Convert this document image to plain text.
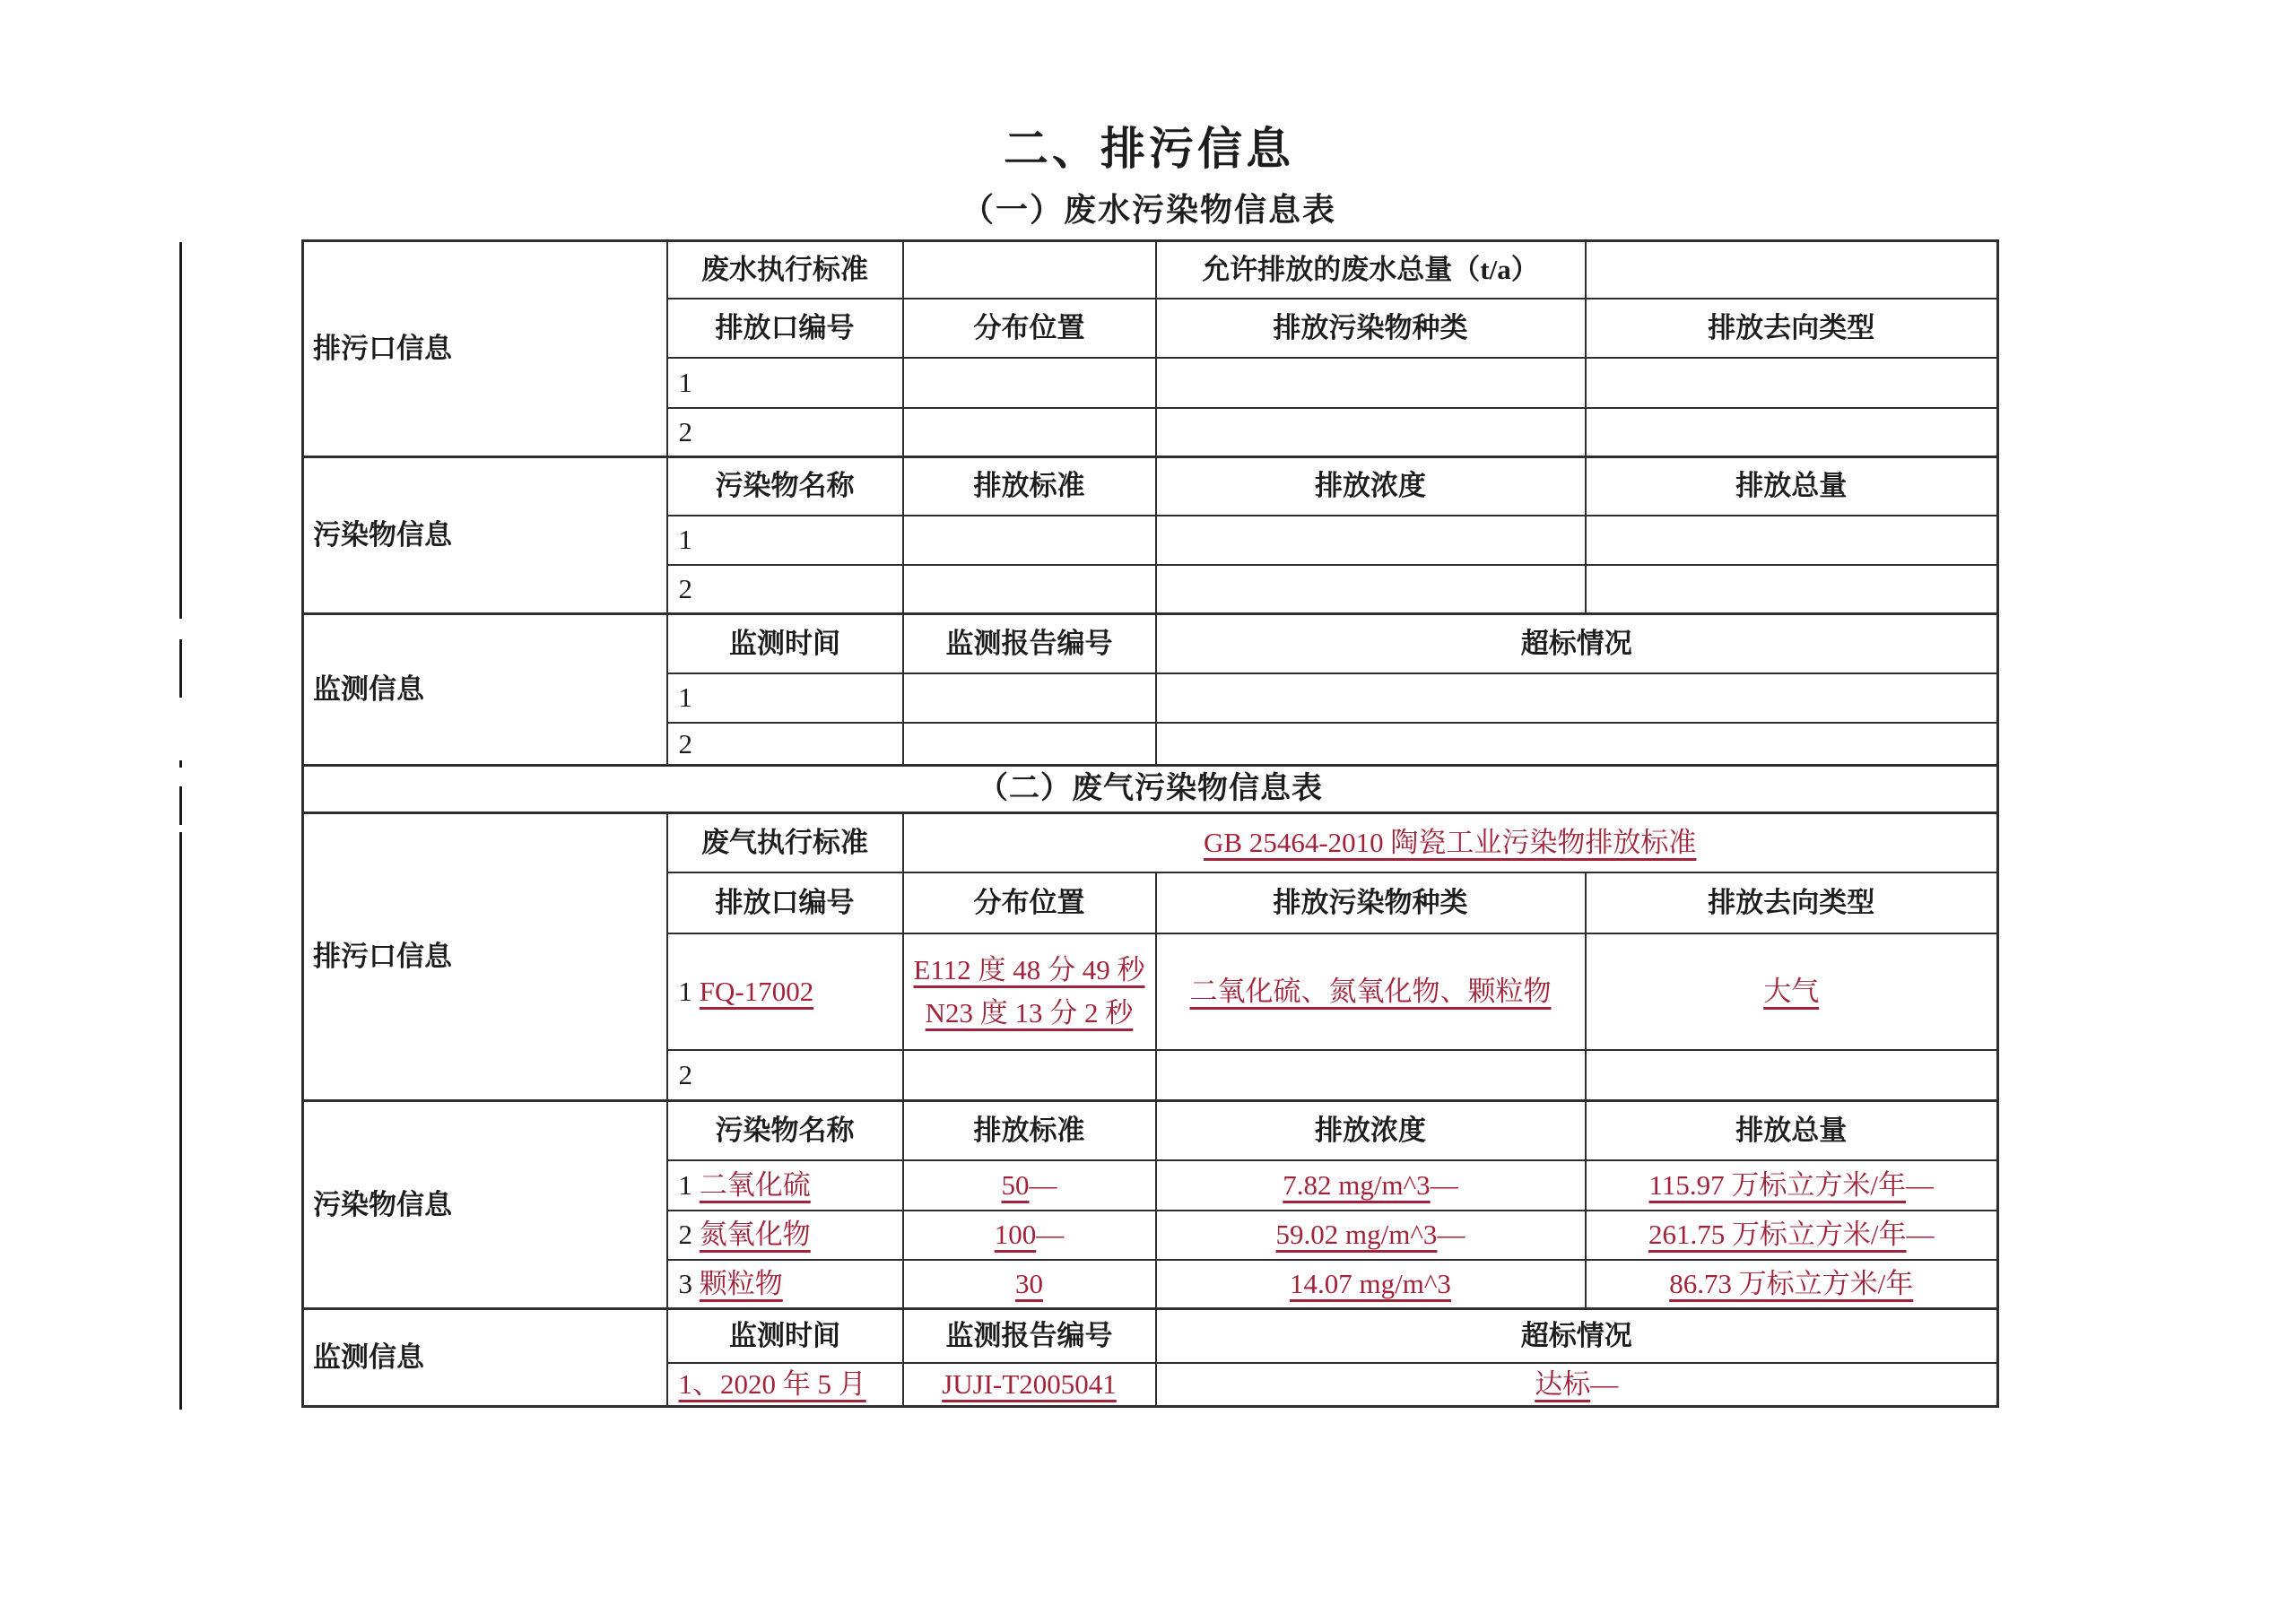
二、排污信息
（一）废水污染物信息表
排污口信息	废水执行标准		允许排放的废水总量（t/a）	
	排放口编号	分布位置	排放污染物种类	排放去向类型
	1			
	2			
污染物信息	污染物名称	排放标准	排放浓度	排放总量
	1			
	2			
监测信息	监测时间	监测报告编号	超标情况	
	1			
	2			
（二）废气污染物信息表				
排污口信息	废气执行标准	GB 25464-2010 陶瓷工业污染物排放标准		
	排放口编号	分布位置	排放污染物种类	排放去向类型
	1 FQ-17002	E112 度 48 分 49 秒
N23 度 13 分 2 秒	二氧化硫、氮氧化物、颗粒物	大气
	2			
污染物信息	污染物名称	排放标准	排放浓度	排放总量
	1 二氧化硫	50—	7.82 mg/m^3—	115.97 万标立方米/年—
	2 氮氧化物	100—	59.02 mg/m^3—	261.75 万标立方米/年—
	3 颗粒物	30	14.07 mg/m^3	86.73 万标立方米/年
监测信息	监测时间	监测报告编号	超标情况	
	1、2020 年 5 月	JUJI-T2005041	达标—	
